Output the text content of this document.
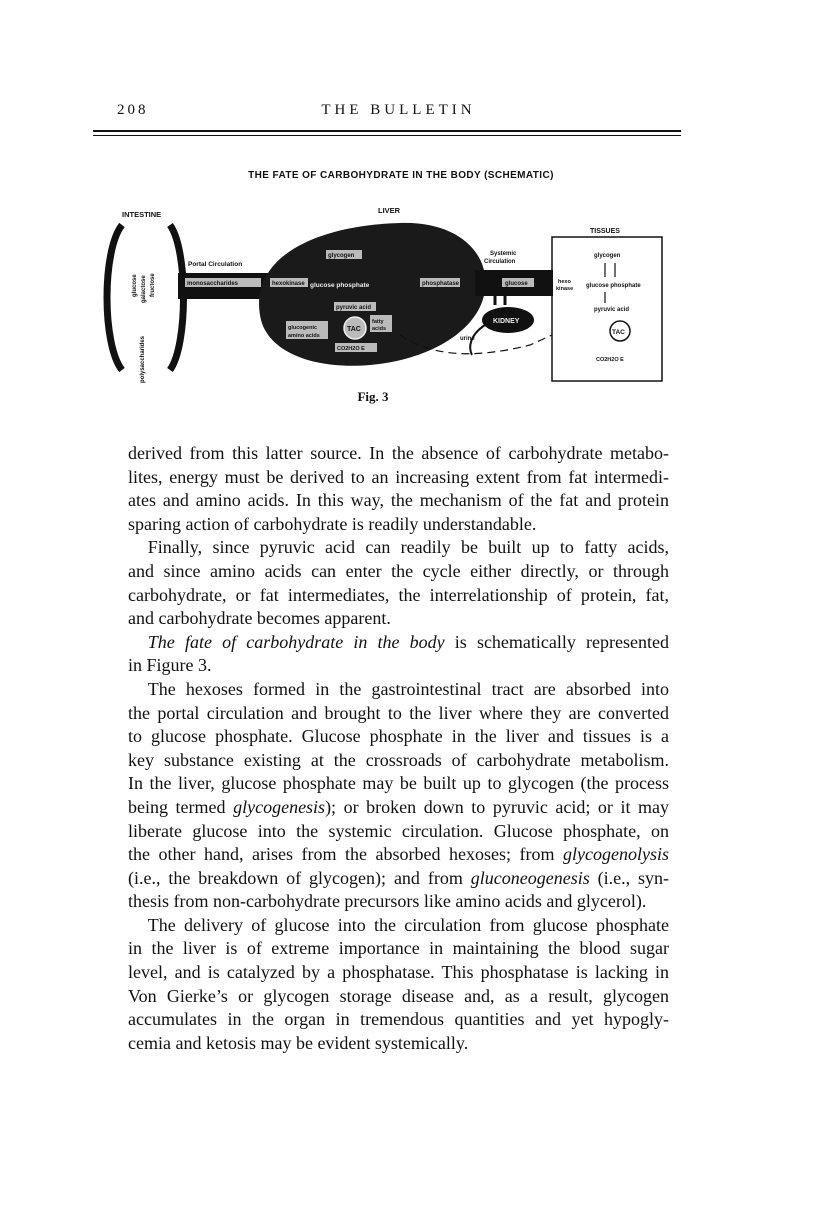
208	THE BULLETIN
THE FATE OF CARBOHYDRATE IN THE BODY (SCHEMATIC)
INTESTINE
polysaccharides
glucose galactose fructose
Portal Circulation
LIVER
Systemic
Circulation
glycogen
monosaccharides	hexokinase glucose phosphate	phosphatase	glucose
pyruvic acid
glucogenic
amino acids
TAC
fatty
acids
CO2H2O E
KIDNEY
urine
TISSUES
glycogen
hexo
kinase glucose phosphate
pyruvic acid
TAC
CO2H2O E
Fig. 3
derived from this latter source. In the absence of carbohydrate metabo-
lites, energy must be derived to an increasing extent from fat intermedi-
ates and amino acids. In this way, the mechanism of the fat and protein
sparing action of carbohydrate is readily understandable.
Finally, since pyruvic acid can readily be built up to fatty acids,
and since amino acids can enter the cycle either directly, or through
carbohydrate, or fat intermediates, the interrelationship of protein, fat,
and carbohydrate becomes apparent.
The fate of carbohydrate in the body is schematically represented
in Figure 3.
The hexoses formed in the gastrointestinal tract are absorbed into
the portal circulation and brought to the liver where they are converted
to glucose phosphate. Glucose phosphate in the liver and tissues is a
key substance existing at the crossroads of carbohydrate metabolism.
In the liver, glucose phosphate may be built up to glycogen (the process
being termed glycogenesis); or broken down to pyruvic acid; or it may
liberate glucose into the systemic circulation. Glucose phosphate, on
the other hand, arises from the absorbed hexoses; from glycogenolysis
(i.e., the breakdown of glycogen); and from gluconeogenesis (i.e., syn-
thesis from non-carbohydrate precursors like amino acids and glycerol).
The delivery of glucose into the circulation from glucose phosphate
in the liver is of extreme importance in maintaining the blood sugar
level, and is catalyzed by a phosphatase. This phosphatase is lacking in
Von Gierke’s or glycogen storage disease and, as a result, glycogen
accumulates in the organ in tremendous quantities and yet hypogly-
cemia and ketosis may be evident systemically.
